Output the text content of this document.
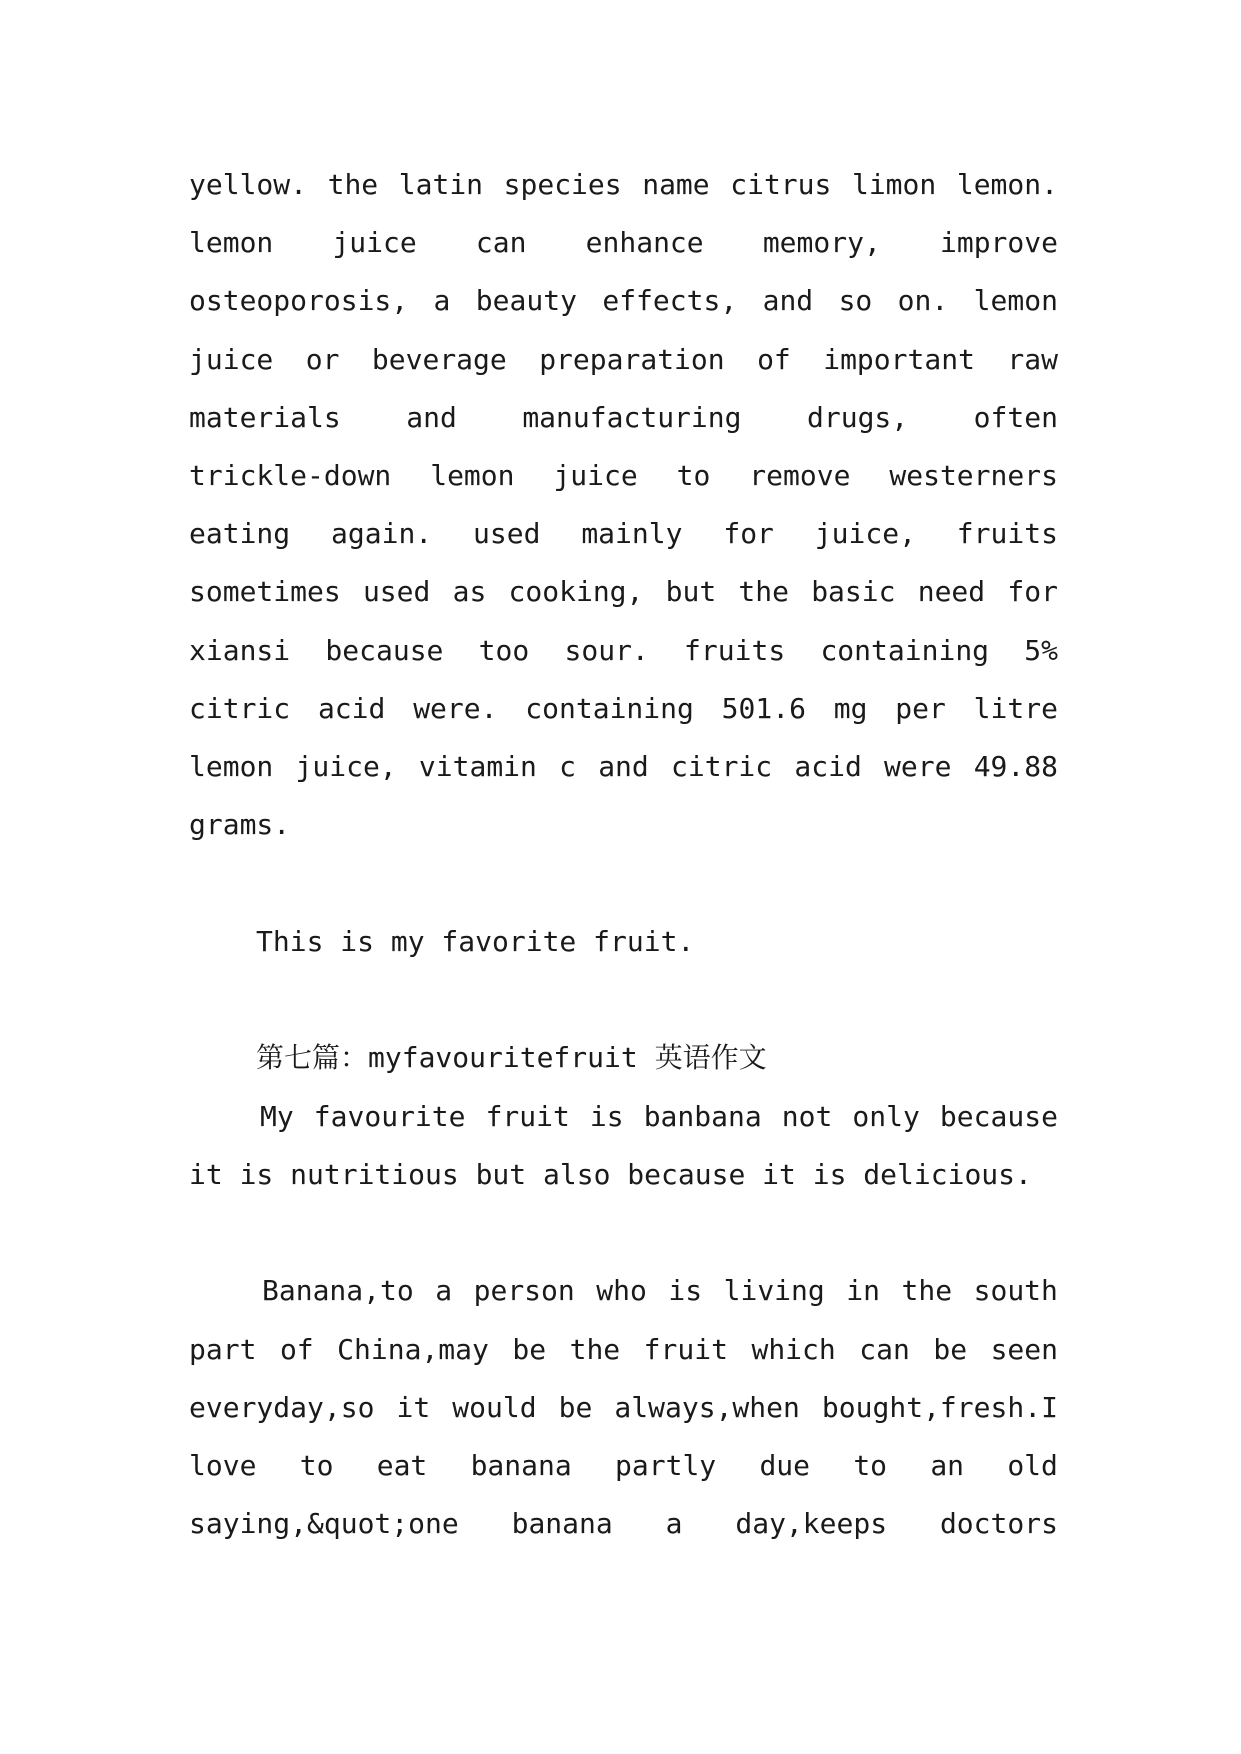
yellow. the latin species name citrus limon lemon.
lemon juice can enhance memory, improve
osteoporosis, a beauty effects, and so on. lemon
juice or beverage preparation of important raw
materials and manufacturing drugs, often
trickle-down lemon juice to remove westerners
eating again. used mainly for juice, fruits
sometimes used as cooking, but the basic need for
xiansi because too sour. fruits containing 5%
citric acid were. containing 501.6 mg per litre
lemon juice, vitamin c and citric acid were 49.88
grams.
This is my favorite fruit.
第七篇：myfavouritefruit 英语作文
My favourite fruit is banbana not only because
it is nutritious but also because it is delicious.
Banana,to a person who is living in the south
part of China,may be the fruit which can be seen
everyday,so it would be always,when bought,fresh.I
love to eat banana partly due to an old
saying,&quot;one banana a day,keeps doctors
